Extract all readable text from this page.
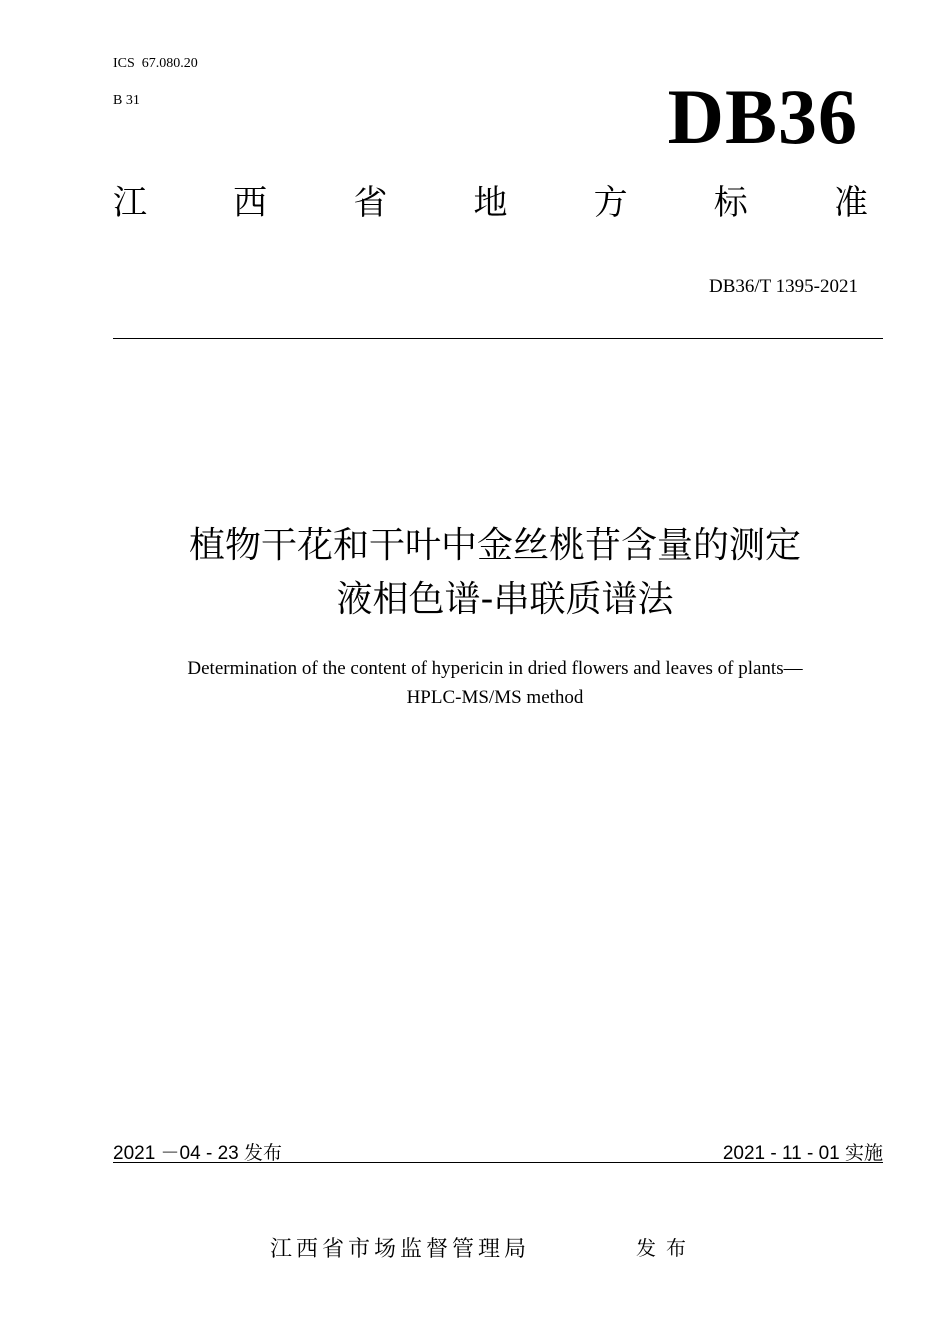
ICS  67.080.20
B 31	DB36
江	西	省	地	方	标	准
DB36/T 1395-2021
植物干花和干叶中金丝桃苷含量的测定
液相色谱-串联质谱法
Determination of the content of hypericin in dried flowers and leaves of plants—
HPLC-MS/MS method
2021 －04 - 23 发布	2021 - 11 - 01 实施
江西省市场监督管理局	发布
